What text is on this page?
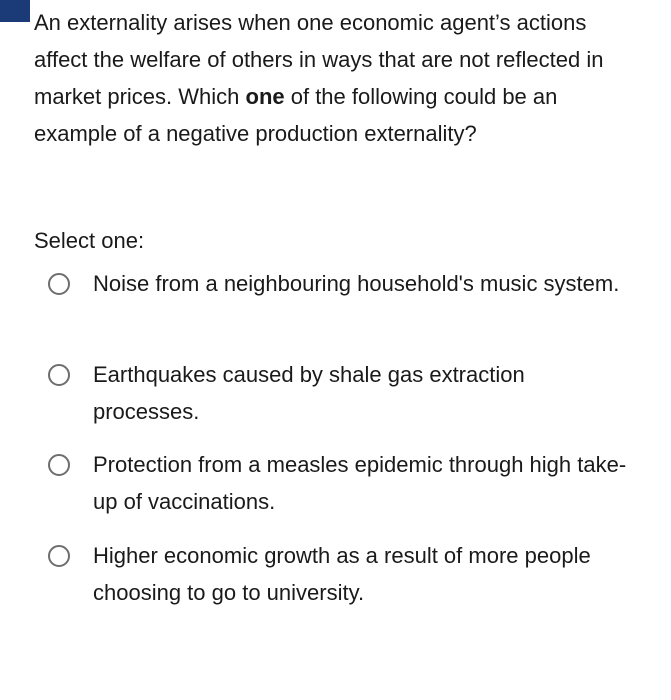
An externality arises when one economic agent’s actions affect the welfare of others in ways that are not reflected in market prices. Which one of the following could be an example of a negative production externality?

Select one:

Noise from a neighbouring household's music system.
Earthquakes caused by shale gas extraction processes.
Protection from a measles epidemic through high take-up of vaccinations.
Higher economic growth as a result of more people choosing to go to university.
